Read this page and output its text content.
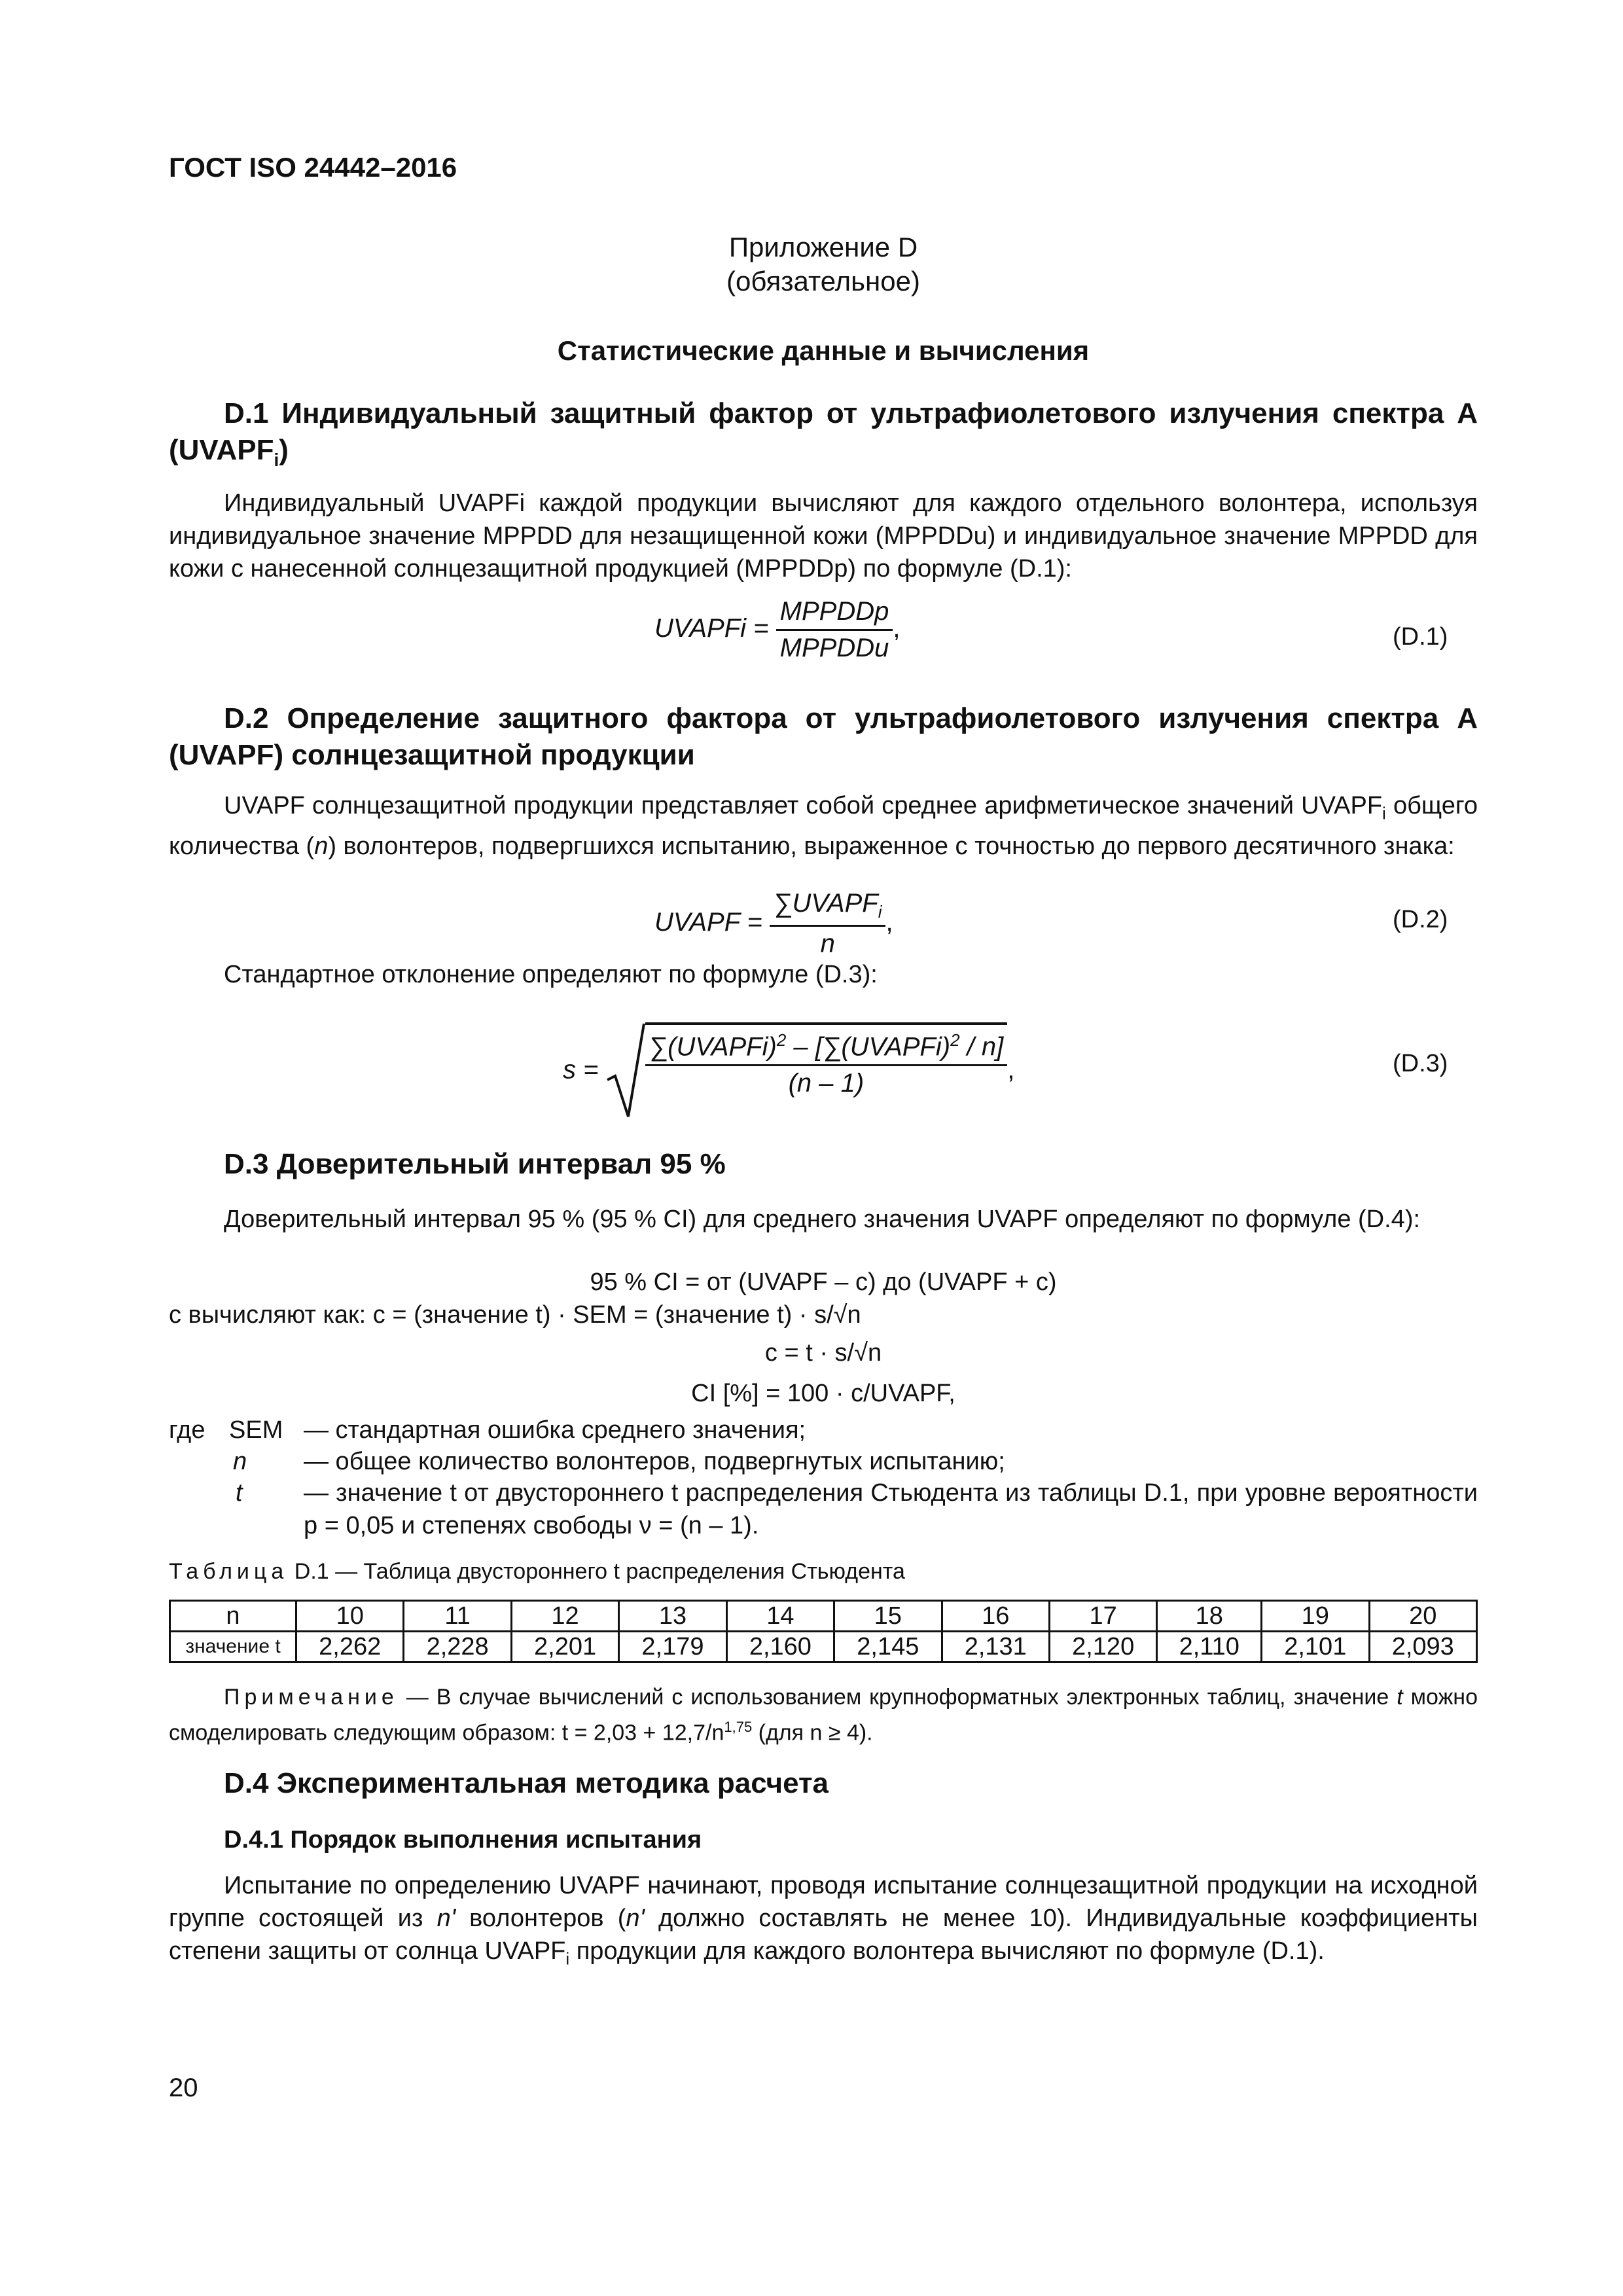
ГОСТ ISO 24442–2016
Приложение D
(обязательное)
Статистические данные и вычисления

D.1 Индивидуальный защитный фактор от ультрафиолетового излучения спектра А $(UVAPF_i)$

Индивидуальный UVAPFi каждой продукции вычисляют для каждого отдельного волонтера, используя индивидуальное значение MPPDD для незащищенной кожи (MPPDDu) и индивидуальное значение MPPDD для кожи с нанесенной солнцезащитной продукцией (MPPDDp) по формуле (D.1):

UVAPFi = $\frac{\text{MPPDDp}}{\text{MPPDDu}}$ ,	(D.1)

D.2 Определение защитного фактора от ультрафиолетового излучения спектра А (UVAPF) солнцезащитной продукции

UVAPF солнцезащитной продукции представляет собой среднее арифметическое значений $UVAPF_i$ общего количества (n) волонтеров, подвергшихся испытанию, выраженное с точностью до первого десятичного знака:

UVAPF = $\frac{\sum UVAPF_i}{n}$ ,	(D.2)

Стандартное отклонение определяют по формуле (D.3):

$s = \frac{\sum(UVAPFi)^2 - [\sum(UVAPFi)^2 / n]}{(n - 1)}$ ,	(D.3)
D.3 Доверительный интервал 95 %

Доверительный интервал 95 % (95 % CI) для среднего значения UVAPF определяют по формуле (D.4):

95 % CI = от (UVAPF – c) до (UVAPF + c)
c вычисляют как: c = (значение t) · SEM = (значение t) · s/√n
c = t · s/√n
CI [%] = 100 · c/UVAPF,
где SEM — стандартная ошибка среднего значения;
n — общее количество волонтеров, подвергнутых испытанию;
t — значение t от двустороннего t распределения Стьюдента из таблицы D.1, при уровне вероятности p = 0,05 и степенях свободы ν = (n – 1).
Таблица D.1 — Таблица двустороннего t распределения Стьюдента
n	10	11	12	13	14	15	16	17	18	19	20
значение t	2,262	2,228	2,201	2,179	2,160	2,145	2,131	2,120	2,110	2,101	2,093

Примечание — В случае вычислений с использованием крупноформатных электронных таблиц, значение t можно смоделировать следующим образом: $t = 2,03 + 12,7/n^{1,75}$ (для n ≥ 4).

D.4 Экспериментальная методика расчета
D.4.1 Порядок выполнения испытания

Испытание по определению UVAPF начинают, проводя испытание солнцезащитной продукции на исходной группе состоящей из n' волонтеров (n' должно составлять не менее 10). Индивидуальные коэффициенты степени защиты от солнца $UVAPF_i$ продукции для каждого волонтера вычисляют по формуле (D.1).

20
